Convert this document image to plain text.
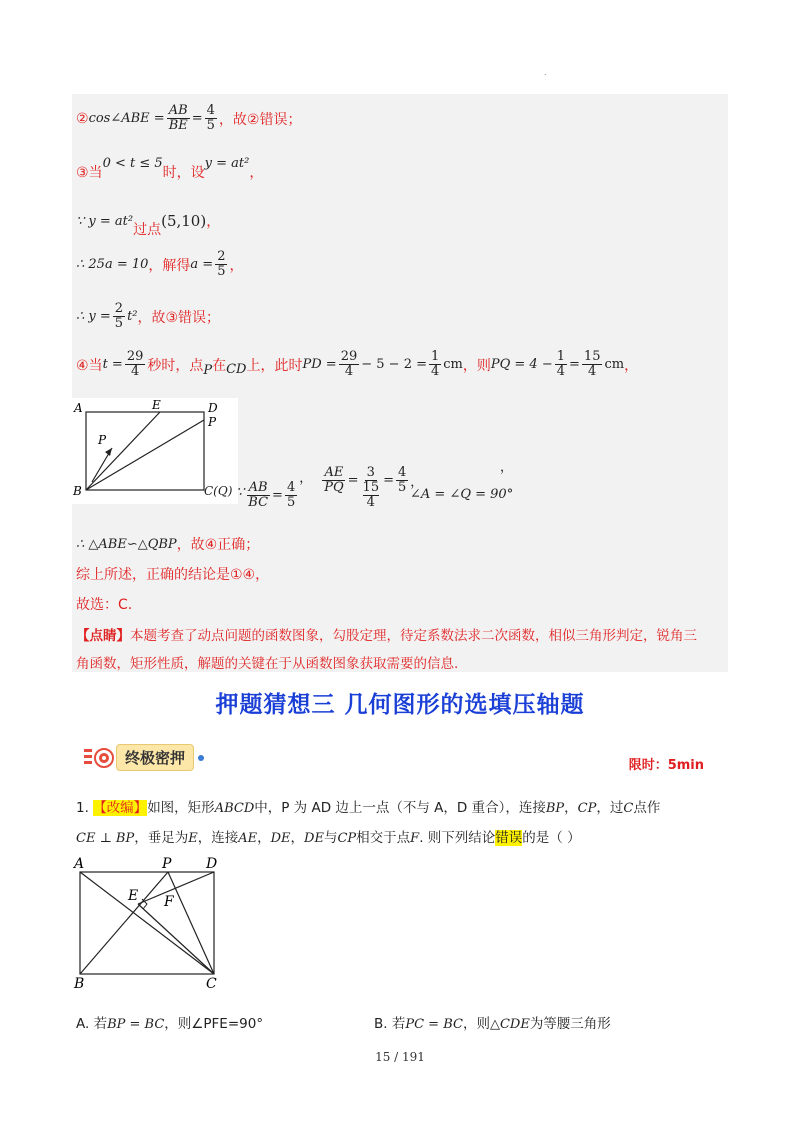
.
② cos∠ABE = $\frac{AB}{BE} = \frac{4}{5}$ ，故②错误；
③当
0 < t ≤ 5
时，设
y = at²
，
∵ y = at²
过点 (5,10) ，
∴ 25a = 10 ，解得 $a = \frac{2}{5}$ ，
∴ $y = \frac{2}{5} t^2$ ，故③错误；
④当 $t = \frac{29}{4}$ 秒时，点 P 在 CD 上，此时 PD = $\frac{29}{4} - 5 - 2 = \frac{1}{4}$ cm ，则 PQ = $4 - \frac{1}{4} = \frac{15}{4}$ cm ，
A	E	D
P
P
B	C(Q) ∵ $\frac{AB}{BC} = \frac{4}{5}$
， $\frac{AE}{PQ} = 3$
15
$4 = \frac{4}{5}$ ，
，
∠A = ∠Q = 90°
∴ △ABE∽△QBP ，故④正确；
综上所述，正确的结论是①④，
故选：C.
【点睛】本题考查了动点问题的函数图象，勾股定理，待定系数法求二次函数，相似三角形判定，锐角三
角函数，矩形性质，解题的关键在于从函数图象获取需要的信息.
押题猜想三 几何图形的选填压轴题
终极密押	限时：5min
1. 【改编】如图，矩形ABCD中，P 为 AD 边上一点（不与 A，D 重合），连接BP，CP，过C点作
CE ⊥ BP，垂足为E，连接AE，DE，DE与CP相交于点F. 则下列结论错误的是（ ）
A	P D
E F
B	C
A. 若BP = BC，则∠PFE=90°	B. 若PC = BC，则△CDE为等腰三角形
15 / 191
